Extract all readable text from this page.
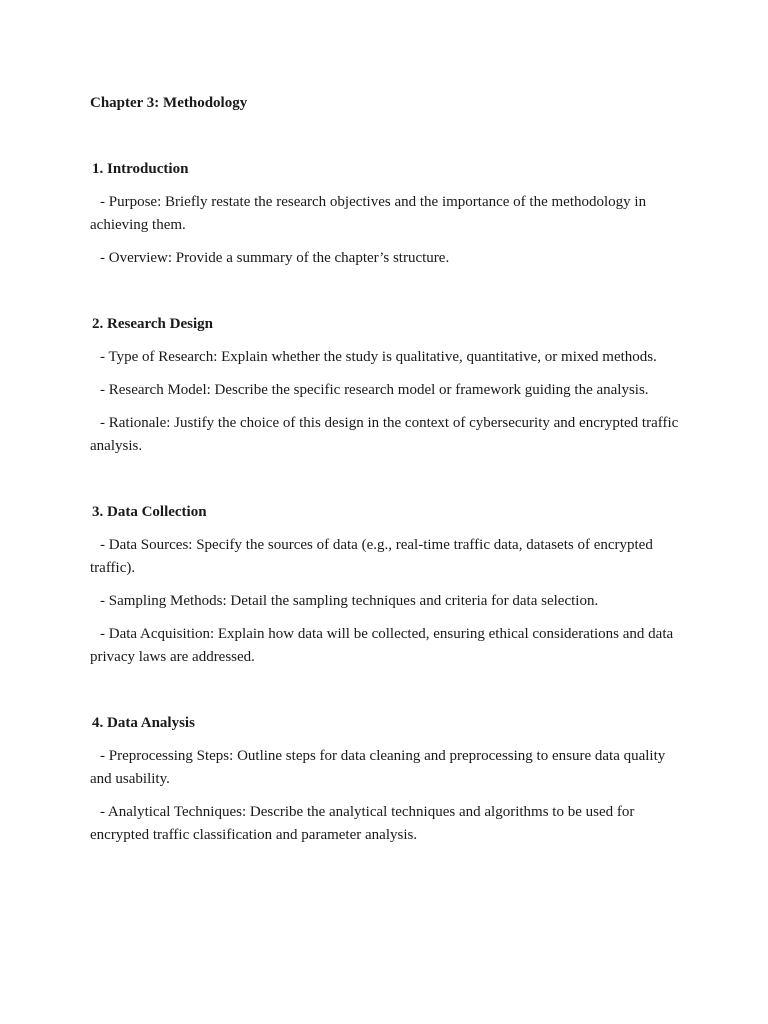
Chapter 3: Methodology
1. Introduction
- Purpose: Briefly restate the research objectives and the importance of the methodology in achieving them.
- Overview: Provide a summary of the chapter’s structure.
2. Research Design
- Type of Research: Explain whether the study is qualitative, quantitative, or mixed methods.
- Research Model: Describe the specific research model or framework guiding the analysis.
- Rationale: Justify the choice of this design in the context of cybersecurity and encrypted traffic analysis.
3. Data Collection
- Data Sources: Specify the sources of data (e.g., real-time traffic data, datasets of encrypted traffic).
- Sampling Methods: Detail the sampling techniques and criteria for data selection.
- Data Acquisition: Explain how data will be collected, ensuring ethical considerations and data privacy laws are addressed.
4. Data Analysis
- Preprocessing Steps: Outline steps for data cleaning and preprocessing to ensure data quality and usability.
- Analytical Techniques: Describe the analytical techniques and algorithms to be used for encrypted traffic classification and parameter analysis.
